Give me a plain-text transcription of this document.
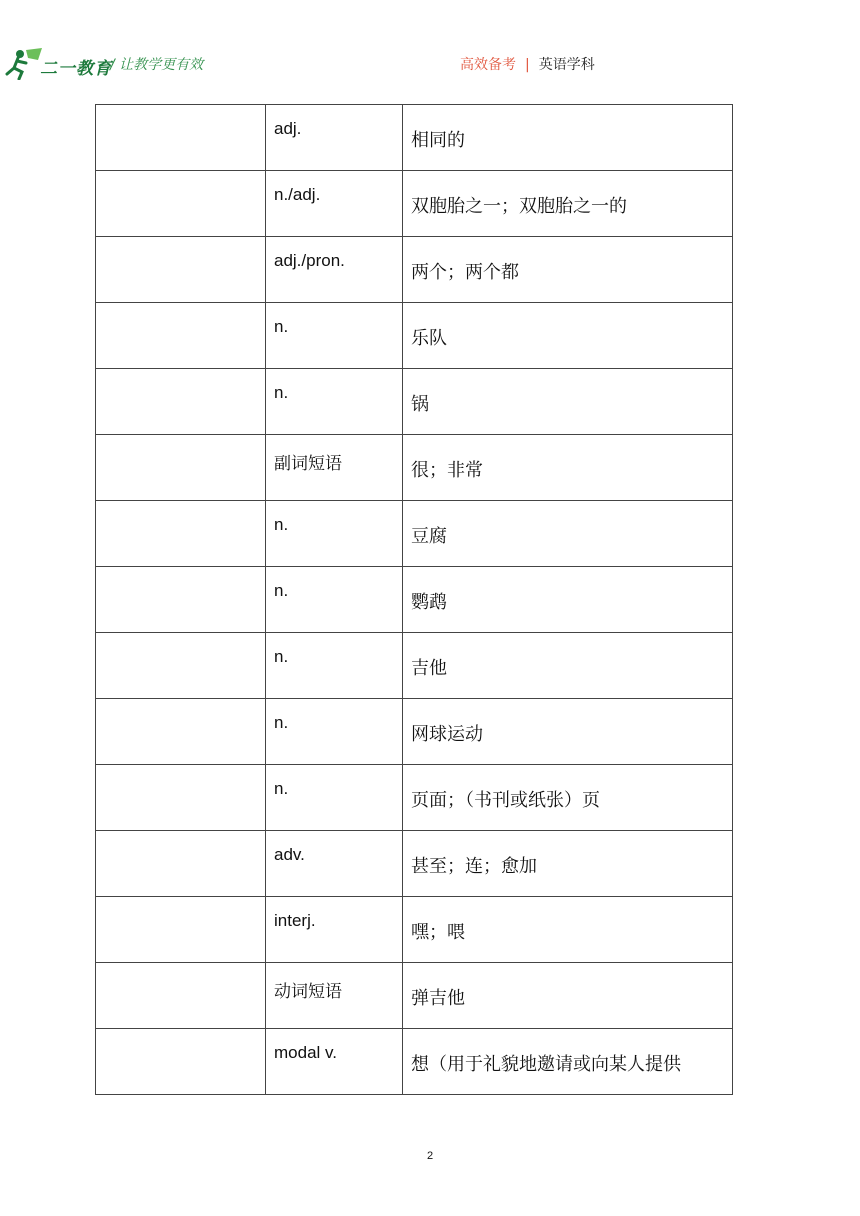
二一教育
/ 让教学更有效	高效备考 | 英语学科

	adj.	相同的

	n./adj.	双胞胎之一；双胞胎之一的

	adj./pron.	两个；两个都

	n.	乐队

	n.	锅

	副词短语	很；非常

	n.	豆腐

	n.	鹦鹉

	n.	吉他

	n.	网球运动

	n.	页面；（书刊或纸张）页

	adv.	甚至；连；愈加

	interj.	嘿；喂

	动词短语	弹吉他

	modal v.	想（用于礼貌地邀请或向某人提供
2
